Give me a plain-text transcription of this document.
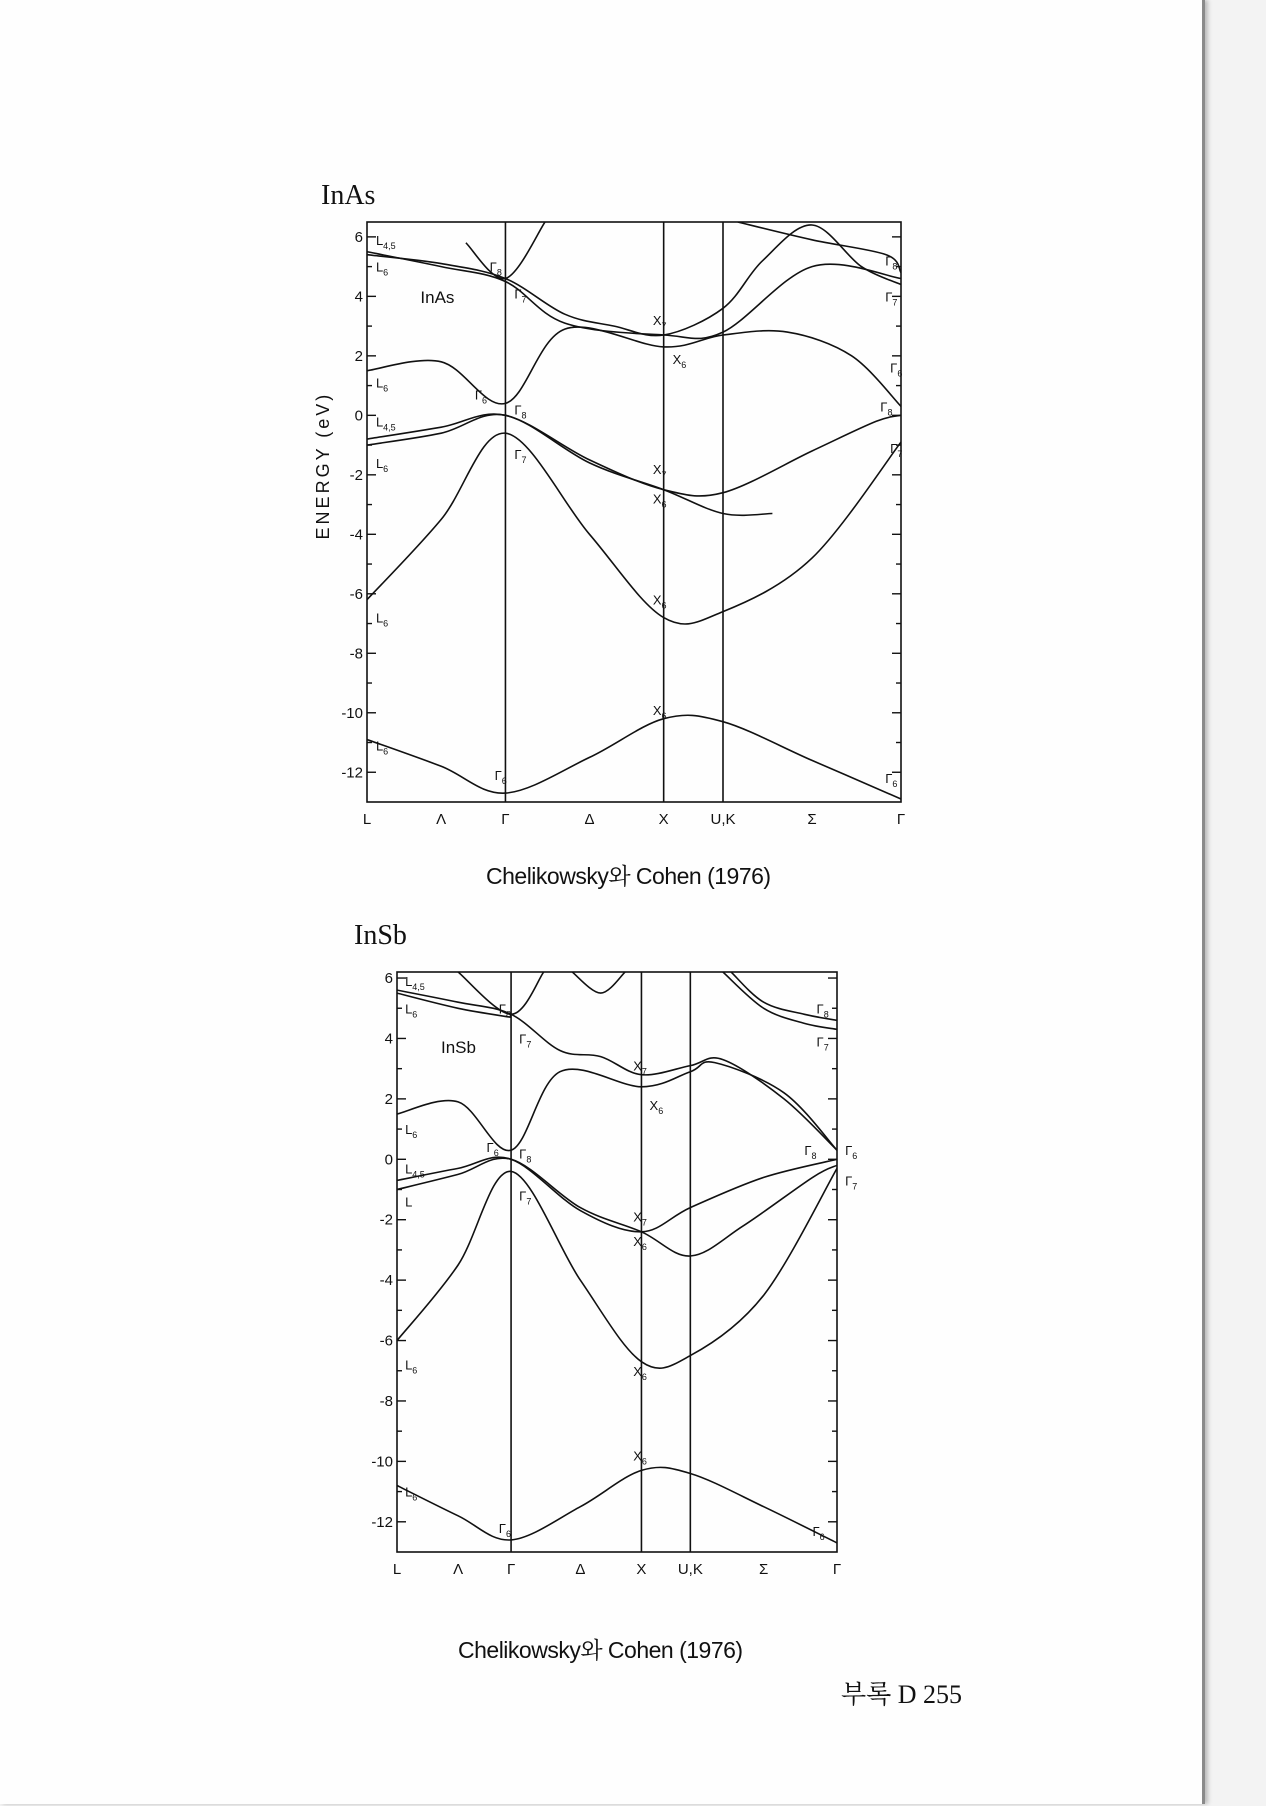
InAs
6
4
2
0
-2
-4
-6
-8
-10
-12
ENERGY (eV)
L	Λ	Γ	Δ	X	U,K	Σ	Γ
InAs
$L_{4,5}$
$L_6$	$\Gamma_8$
$\Gamma_7$
$X_7$
$X_6$
$\Gamma_8$
$\Gamma_7$
$L_6$	$\Gamma_6$
$\Gamma_8$
$L_{4,5}$
$L_6$
$\Gamma_7$
$X_7$
$X_6$
$\Gamma_6$
$\Gamma_8$
$\Gamma_7$
$L_6$
$X_6$
$X_6$
$L_6$
$\Gamma_6$	$\Gamma_6$
Chelikowsky와 Cohen (1976)
InSb
6
4
2
0
-2
-4
-6
-8
-10
-12
L	Λ	Γ	Δ	X U,K	Σ	Γ
InSb
$L_{4,5}$
$L_6$	$\Gamma_8$
$\Gamma_7$
$X_7$
$X_6$
$\Gamma_8$
$\Gamma_7$
$L_6$
$\Gamma_6$ $\Gamma_8$
$L_{4,5}$
L	$\Gamma_7$
$X_7$
$X_6$
$\Gamma_8$ $\Gamma_6$
$\Gamma_7$
$L_6$	$X_6$
$X_6$
$L_6$
$\Gamma_6$	$\Gamma_6$
Chelikowsky와 Cohen (1976)
부록 D 255
